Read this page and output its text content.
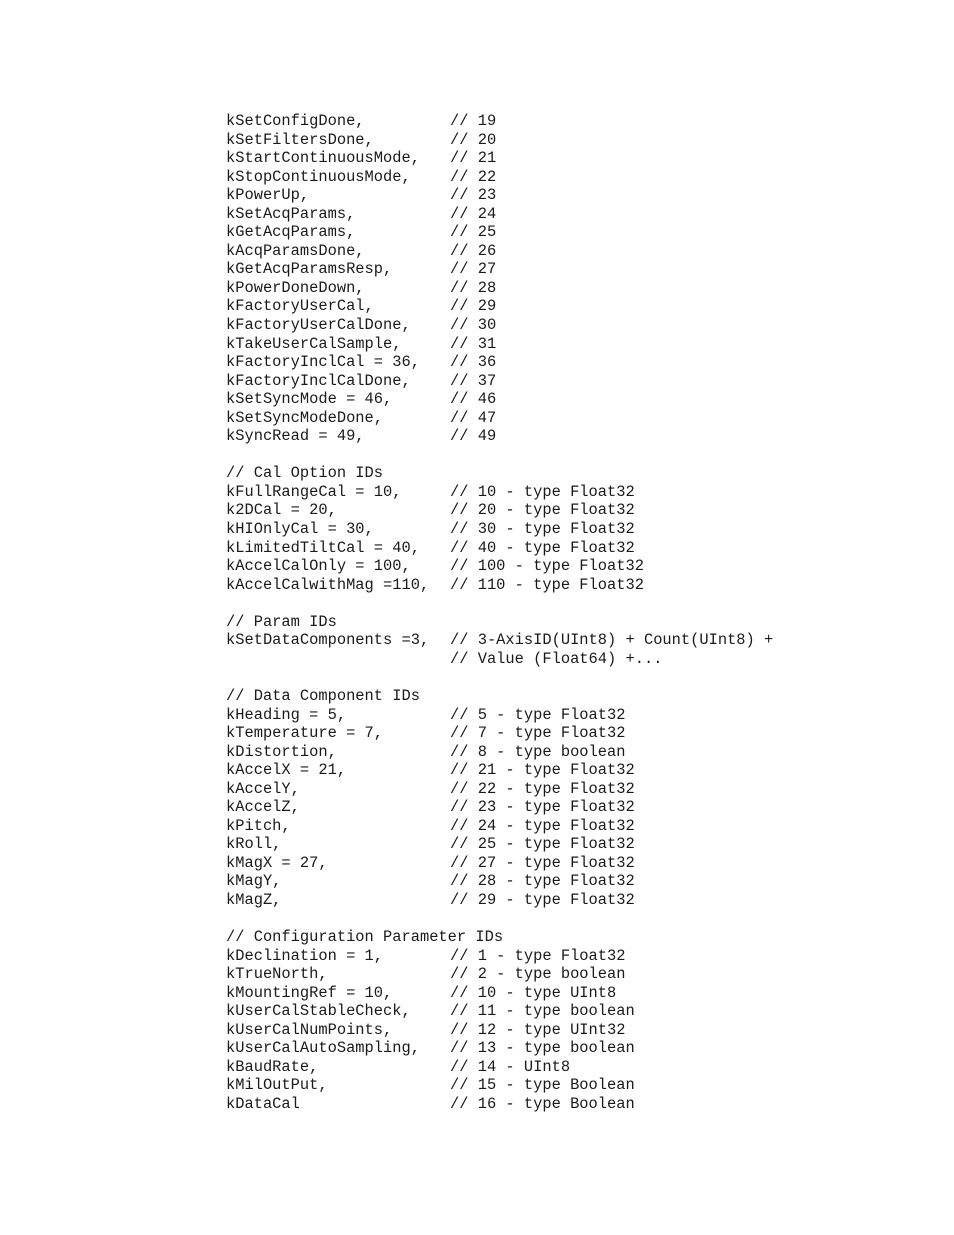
kSetConfigDone,	// 19
kSetFiltersDone,	// 20
kStartContinuousMode, // 21
kStopContinuousMode,	// 22
kPowerUp,	// 23
kSetAcqParams,	// 24
kGetAcqParams,	// 25
kAcqParamsDone,	// 26
kGetAcqParamsResp,	// 27
kPowerDoneDown,	// 28
kFactoryUserCal,	// 29
kFactoryUserCalDone,	// 30
kTakeUserCalSample,	// 31
kFactoryInclCal = 36, // 36
kFactoryInclCalDone,	// 37
kSetSyncMode = 46,	// 46
kSetSyncModeDone,	// 47
kSyncRead = 49,	// 49
// Cal Option IDs
kFullRangeCal = 10,	// 10 - type Float32
k2DCal = 20,	// 20 - type Float32
kHIOnlyCal = 30,	// 30 - type Float32
kLimitedTiltCal = 40, // 40 - type Float32
kAccelCalOnly = 100,	// 100 - type Float32
kAccelCalwithMag =110, // 110 - type Float32
// Param IDs
kSetDataComponents =3, // 3-AxisID(UInt8) + Count(UInt8) +
// Value (Float64) +...
// Data Component IDs
kHeading = 5,	// 5 - type Float32
kTemperature = 7,	// 7 - type Float32
kDistortion,	// 8 - type boolean
kAccelX = 21,	// 21 - type Float32
kAccelY,	// 22 - type Float32
kAccelZ,	// 23 - type Float32
kPitch,	// 24 - type Float32
kRoll,	// 25 - type Float32
kMagX = 27,	// 27 - type Float32
kMagY,	// 28 - type Float32
kMagZ,	// 29 - type Float32
// Configuration Parameter IDs
kDeclination = 1,	// 1 - type Float32
kTrueNorth,	// 2 - type boolean
kMountingRef = 10,	// 10 - type UInt8
kUserCalStableCheck,	// 11 - type boolean
kUserCalNumPoints,	// 12 - type UInt32
kUserCalAutoSampling, // 13 - type boolean
kBaudRate,	// 14 - UInt8
kMilOutPut,	// 15 - type Boolean
kDataCal	// 16 - type Boolean
